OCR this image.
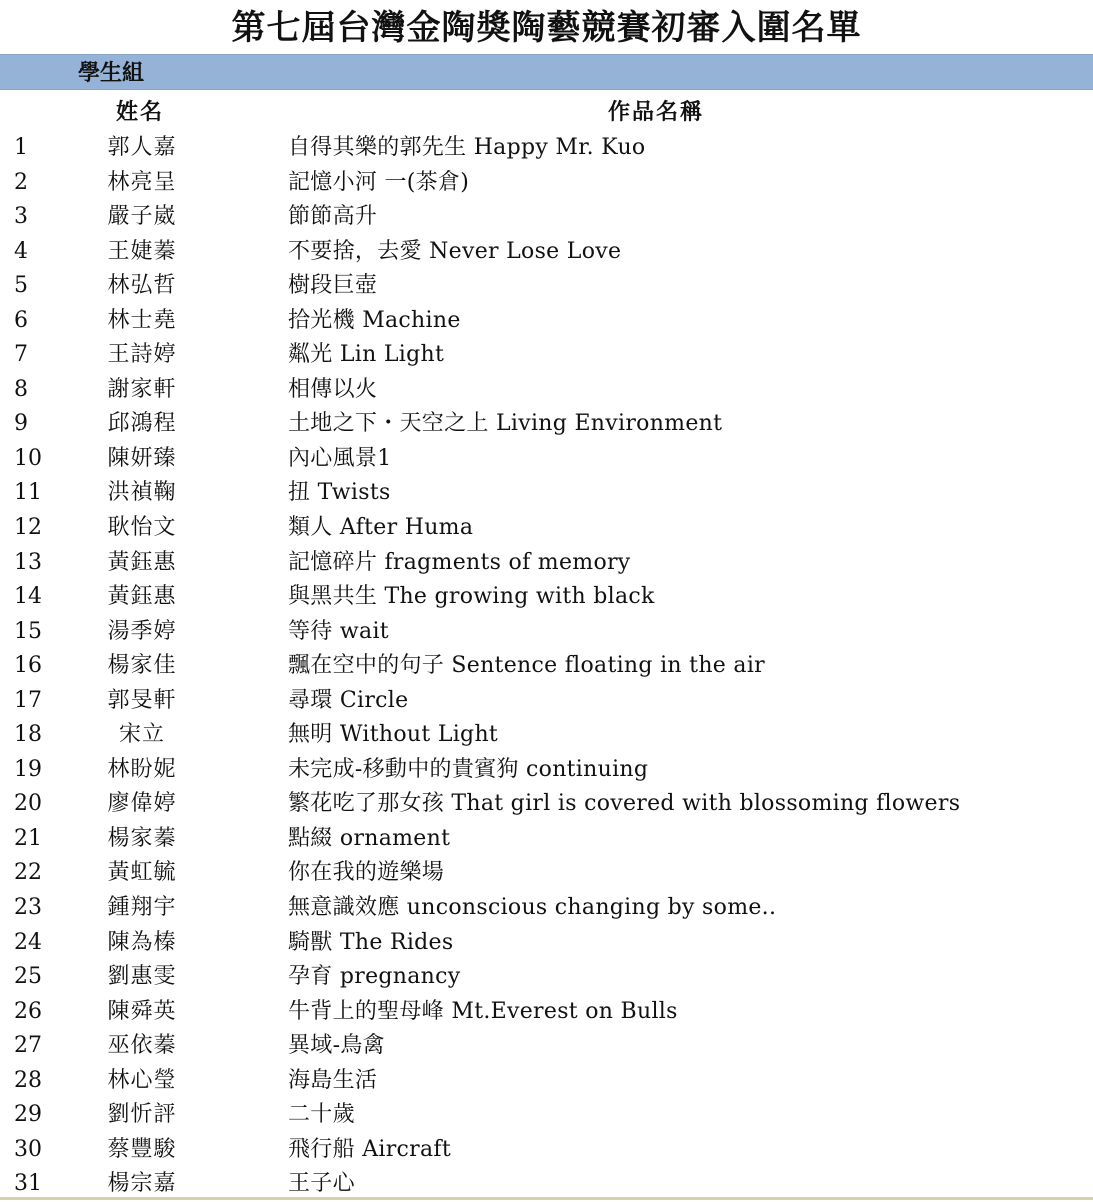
第七屆台灣金陶獎陶藝競賽初審入圍名單
學生組
姓名	作品名稱
1	郭人嘉	自得其樂的郭先生 Happy Mr. Kuo
2	林亮呈	記憶小河 一(茶倉)
3	嚴子崴	節節高升
4	王婕蓁	不要捨，去愛 Never Lose Love
5	林弘哲	樹段巨壺
6	林士堯	拾光機 Machine
7	王詩婷	粼光 Lin Light
8	謝家軒	相傳以火
9	邱鴻程	土地之下・天空之上 Living Environment
10	陳妍臻	內心風景1
11	洪禎鞠	扭 Twists
12	耿怡文	類人 After Huma
13	黃鈺惠	記憶碎片 fragments of memory
14	黃鈺惠	與黑共生 The growing with black
15	湯季婷	等待 wait
16	楊家佳	飄在空中的句子 Sentence floating in the air
17	郭旻軒	尋環 Circle
18	宋立	無明 Without Light
19	林盼妮	未完成-移動中的貴賓狗 continuing
20	廖偉婷	繁花吃了那女孩 That girl is covered with blossoming flowers
21	楊家蓁	點綴 ornament
22	黃虹毓	你在我的遊樂場
23	鍾翔宇	無意識效應 unconscious changing by some..
24	陳為榛	騎獸 The Rides
25	劉惠雯	孕育 pregnancy
26	陳舜英	牛背上的聖母峰 Mt.Everest on Bulls
27	巫依蓁	異域-鳥禽
28	林心瑩	海島生活
29	劉忻評	二十歲
30	蔡豐駿	飛行船 Aircraft
31	楊宗嘉	王子心
